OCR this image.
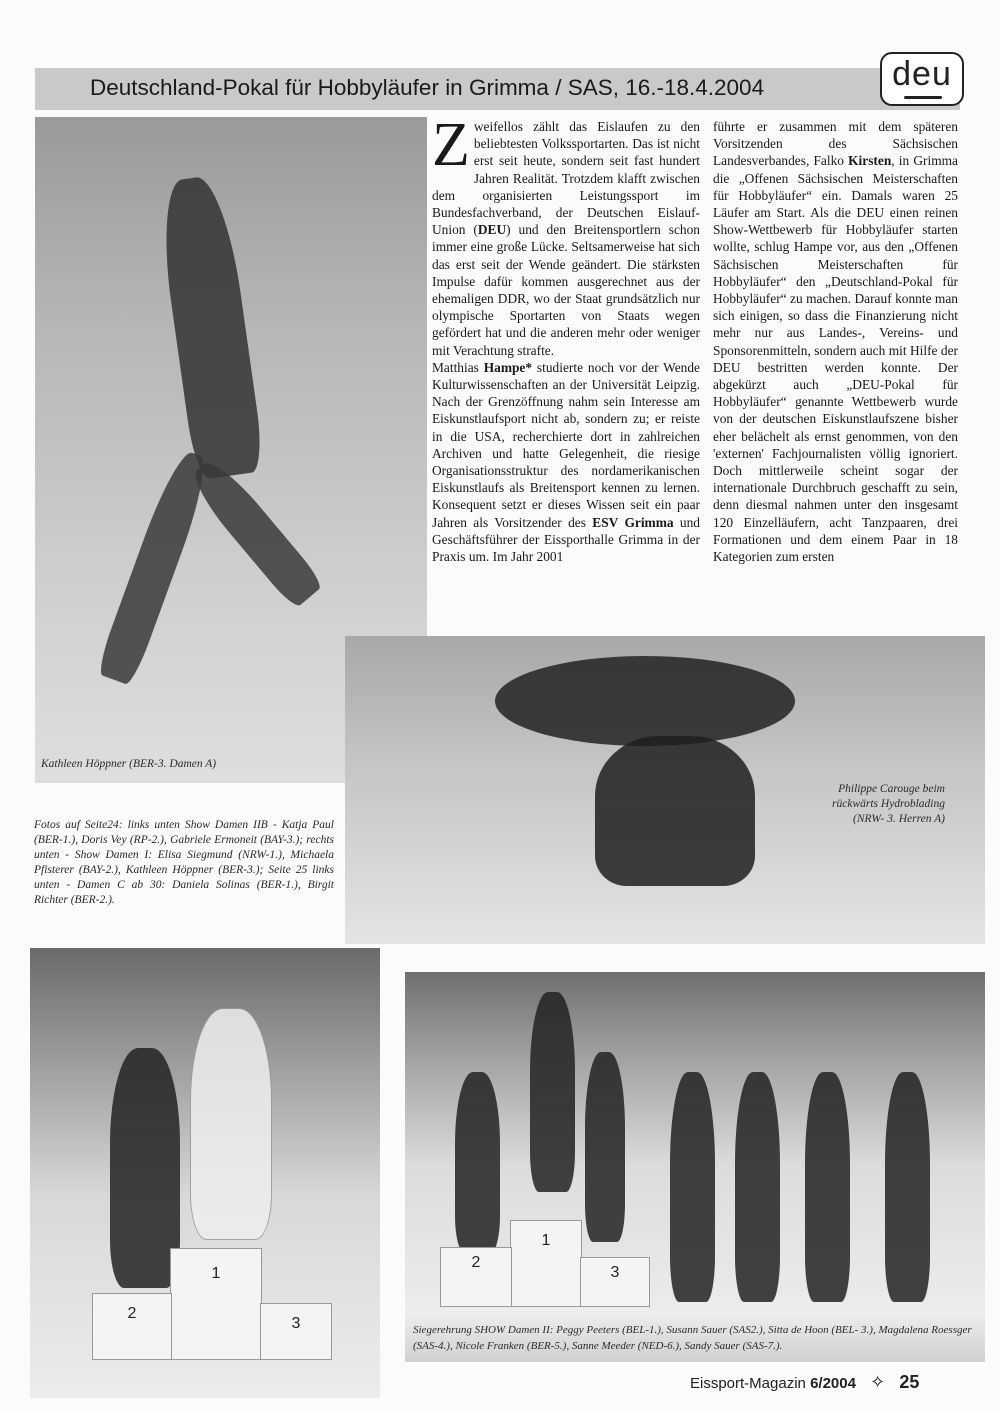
Deutschland-Pokal für Hobbyläufer in Grimma / SAS, 16.-18.4.2004	deu
Kathleen Höppner (BER-3. Damen A)

Zweifellos zählt das Eislaufen zu den beliebtesten Volkssportarten. Das ist nicht erst seit heute, sondern seit fast hundert Jahren Realität. Trotzdem klafft zwischen dem organisierten Leistungssport im Bundesfachverband, der Deutschen Eislauf-Union (DEU) und den Breitensportlern schon immer eine große Lücke. Seltsamerweise hat sich das erst seit der Wende geändert. Die stärksten Impulse dafür kommen ausgerechnet aus der ehemaligen DDR, wo der Staat grundsätzlich nur olympische Sportarten von Staats wegen gefördert hat und die anderen mehr oder weniger mit Verachtung strafte.

Matthias Hampe* studierte noch vor der Wende Kulturwissenschaften an der Universität Leipzig. Nach der Grenzöffnung nahm sein Interesse am Eiskunstlaufsport nicht ab, sondern zu; er reiste in die USA, recherchierte dort in zahlreichen Archiven und hatte Gelegenheit, die riesige Organisationsstruktur des nordamerikanischen Eiskunstlaufs als Breitensport kennen zu lernen. Konsequent setzt er dieses Wissen seit ein paar Jahren als Vorsitzender des ESV Grimma und Geschäftsführer der Eissporthalle Grimma in der Praxis um. Im Jahr 2001

führte er zusammen mit dem späteren Vorsitzenden des Sächsischen Landesverbandes, Falko Kirsten, in Grimma die „Offenen Sächsischen Meisterschaften für Hobbyläufer“ ein. Damals waren 25 Läufer am Start. Als die DEU einen reinen Show-Wettbewerb für Hobbyläufer starten wollte, schlug Hampe vor, aus den „Offenen Sächsischen Meisterschaften für Hobbyläufer“ den „Deutschland-Pokal für Hobbyläufer“ zu machen. Darauf konnte man sich einigen, so dass die Finanzierung nicht mehr nur aus Landes-, Vereins- und Sponsorenmitteln, sondern auch mit Hilfe der DEU bestritten werden konnte. Der abgekürzt auch „DEU-Pokal für Hobbyläufer“ genannte Wettbewerb wurde von der deutschen Eiskunstlaufszene bisher eher belächelt als ernst genommen, von den 'externen' Fachjournalisten völlig ignoriert. Doch mittlerweile scheint sogar der internationale Durchbruch geschafft zu sein, denn diesmal nahmen unter den insgesamt 120 Einzelläufern, acht Tanzpaaren, drei Formationen und dem einem Paar in 18 Kategorien zum ersten

Philippe Carouge beim rückwärts Hydroblading (NRW- 3. Herren A)
Fotos auf Seite24: links unten Show Damen IIB - Katja Paul (BER-1.), Doris Vey (RP-2.), Gabriele Ermoneit (BAY-3.); rechts unten - Show Damen I: Elisa Siegmund (NRW-1.), Michaela Pfisterer (BAY-2.), Kathleen Höppner (BER-3.); Seite 25 links unten - Damen C ab 30: Daniela Solinas (BER-1.), Birgit Richter (BER-2.).
1
2
3
1
2
3
Siegerehrung SHOW Damen II: Peggy Peeters (BEL-1.), Susann Sauer (SAS2.), Sitta de Hoon (BEL- 3.), Magdalena Roessger (SAS-4.), Nicole Franken (BER-5.), Sanne Meeder (NED-6.), Sandy Sauer (SAS-7.).
Eissport-Magazin 6/2004 ✧ 25
